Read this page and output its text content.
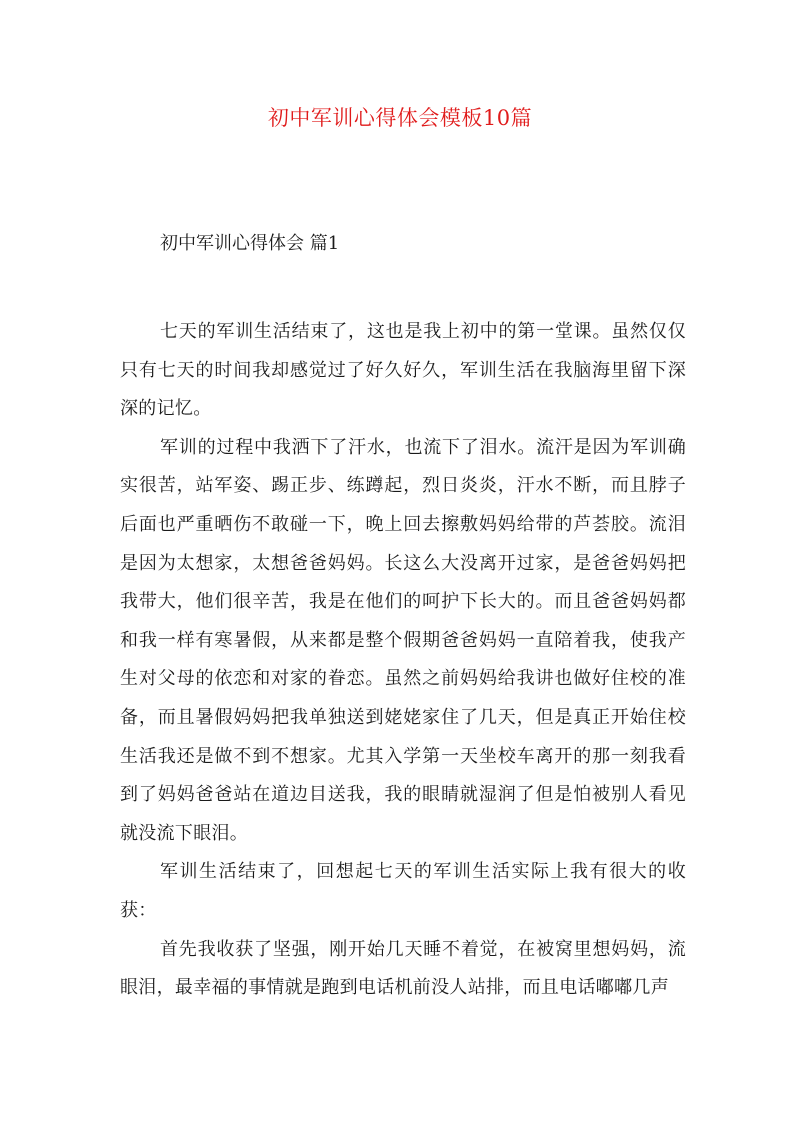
初中军训心得体会模板10篇
初中军训心得体会 篇1

七天的军训生活结束了，这也是我上初中的第一堂课。虽然仅仅只有七天的时间我却感觉过了好久好久，军训生活在我脑海里留下深深的记忆。

军训的过程中我洒下了汗水，也流下了泪水。流汗是因为军训确实很苦，站军姿、踢正步、练蹲起，烈日炎炎，汗水不断，而且脖子后面也严重晒伤不敢碰一下，晚上回去擦敷妈妈给带的芦荟胶。流泪是因为太想家，太想爸爸妈妈。长这么大没离开过家，是爸爸妈妈把我带大，他们很辛苦，我是在他们的呵护下长大的。而且爸爸妈妈都和我一样有寒暑假，从来都是整个假期爸爸妈妈一直陪着我，使我产生对父母的依恋和对家的眷恋。虽然之前妈妈给我讲也做好住校的准备，而且暑假妈妈把我单独送到姥姥家住了几天，但是真正开始住校生活我还是做不到不想家。尤其入学第一天坐校车离开的那一刻我看到了妈妈爸爸站在道边目送我，我的眼睛就湿润了但是怕被别人看见就没流下眼泪。

军训生活结束了，回想起七天的军训生活实际上我有很大的收获：

首先我收获了坚强，刚开始几天睡不着觉，在被窝里想妈妈，流眼泪，最幸福的事情就是跑到电话机前没人站排，而且电话嘟嘟几声
